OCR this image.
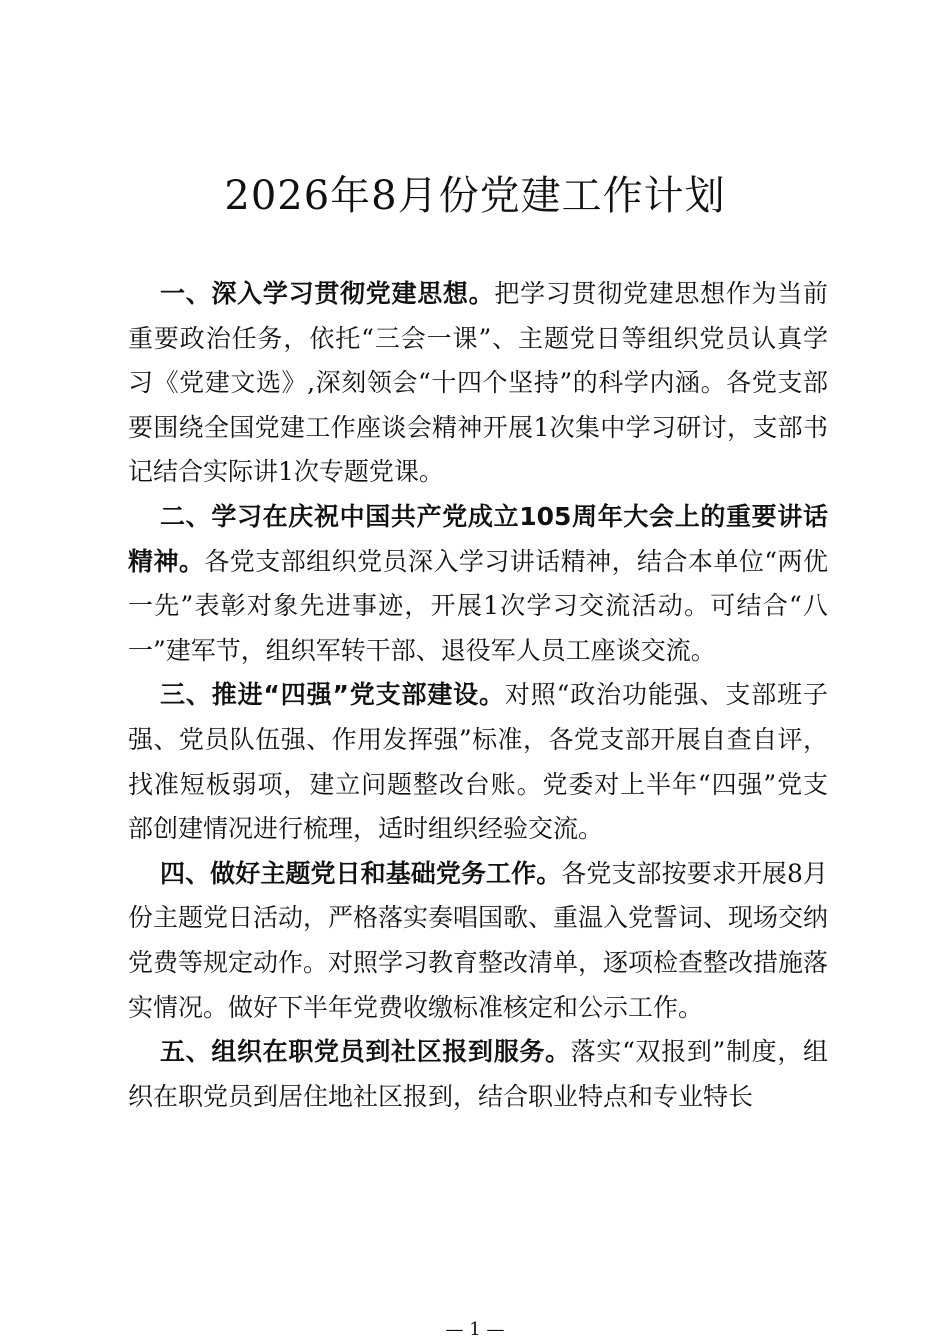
2026年8月份党建工作计划

一、深入学习贯彻党建思想。把学习贯彻党建思想作为当前重要政治任务，依托“三会一课”、主题党日等组织党员认真学习《党建文选》,深刻领会“十四个坚持”的科学内涵。各党支部要围绕全国党建工作座谈会精神开展1次集中学习研讨，支部书记结合实际讲1次专题党课。

二、学习在庆祝中国共产党成立105周年大会上的重要讲话精神。各党支部组织党员深入学习讲话精神，结合本单位“两优一先”表彰对象先进事迹，开展1次学习交流活动。可结合“八一”建军节，组织军转干部、退役军人员工座谈交流。

三、推进“四强”党支部建设。对照“政治功能强、支部班子强、党员队伍强、作用发挥强”标准，各党支部开展自查自评，找准短板弱项，建立问题整改台账。党委对上半年“四强”党支部创建情况进行梳理，适时组织经验交流。

四、做好主题党日和基础党务工作。各党支部按要求开展8月份主题党日活动，严格落实奏唱国歌、重温入党誓词、现场交纳党费等规定动作。对照学习教育整改清单，逐项检查整改措施落实情况。做好下半年党费收缴标准核定和公示工作。

五、组织在职党员到社区报到服务。落实“双报到”制度，组织在职党员到居住地社区报到，结合职业特点和专业特长

— 1 —
